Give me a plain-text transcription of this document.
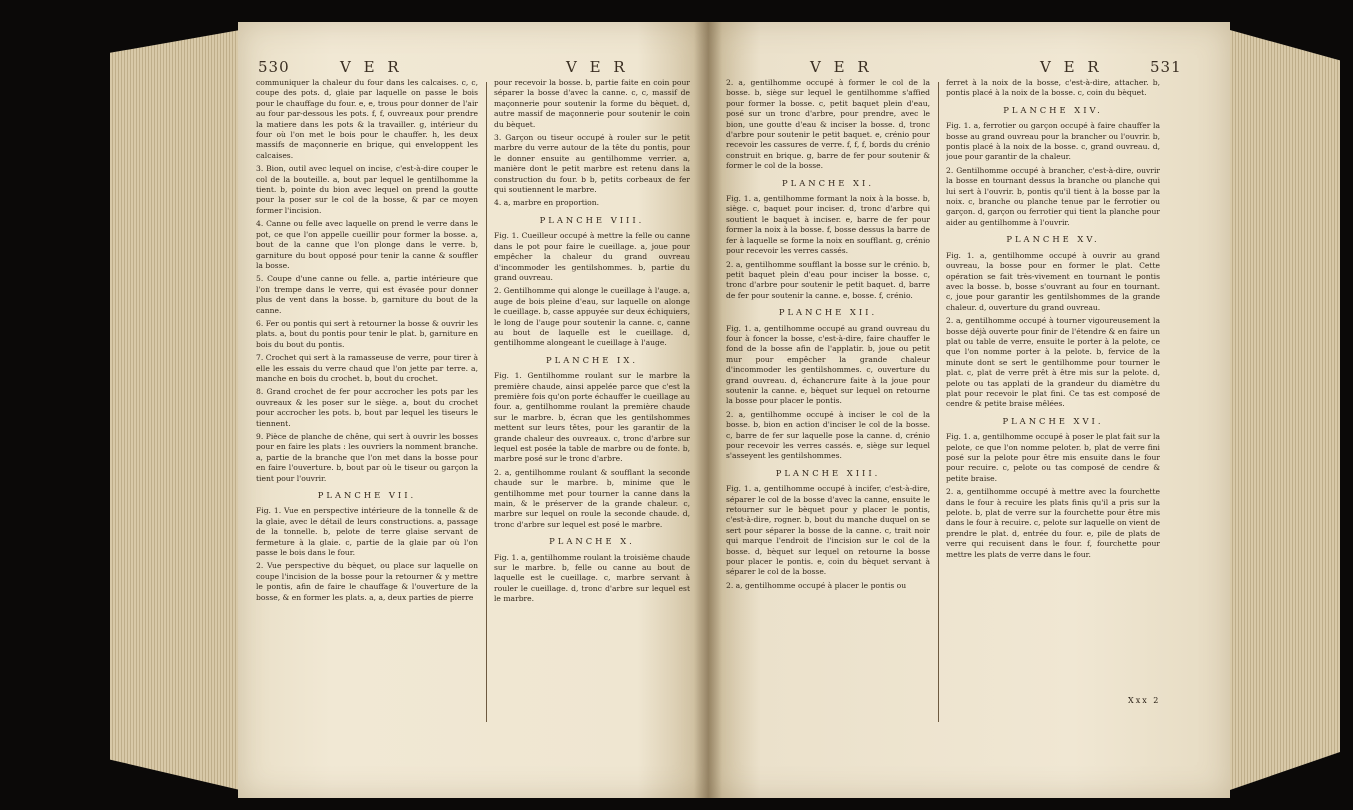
530	V E R	V E R	V E R	V E R	531

communiquer la chaleur du four dans les calcaises. c, c, coupe des pots. d, glaie par laquelle on passe le bois pour le chauffage du four. e, e, trous pour donner de l'air au four par-dessous les pots. f, f, ouvreaux pour prendre la matiere dans les pots & la travailler. g, intérieur du four où l'on met le bois pour le chauffer. h, les deux massifs de maçonnerie en brique, qui enveloppent les calcaises.

3. Bion, outil avec lequel on incise, c'est-à-dire couper le col de la bouteille. a, bout par lequel le gentilhomme la tient. b, pointe du bion avec lequel on prend la goutte pour la poser sur le col de la bosse, & par ce moyen former l'incision.

4. Canne ou felle avec laquelle on prend le verre dans le pot, ce que l'on appelle cueillir pour former la bosse. a, bout de la canne que l'on plonge dans le verre. b, garniture du bout opposé pour tenir la canne & souffler la bosse.

5. Coupe d'une canne ou felle. a, partie intérieure que l'on trempe dans le verre, qui est évasée pour donner plus de vent dans la bosse. b, garniture du bout de la canne.

6. Fer ou pontis qui sert à retourner la bosse & ouvrir les plats. a, bout du pontis pour tenir le plat. b, garniture en bois du bout du pontis.

7. Crochet qui sert à la ramasseuse de verre, pour tirer à elle les essais du verre chaud que l'on jette par terre. a, manche en bois du crochet. b, bout du crochet.

8. Grand crochet de fer pour accrocher les pots par les ouvreaux & les poser sur le siège. a, bout du crochet pour accrocher les pots. b, bout par lequel les tiseurs le tiennent.

9. Pièce de planche de chêne, qui sert à ouvrir les bosses pour en faire les plats : les ouvriers la nomment branche. a, partie de la branche que l'on met dans la bosse pour en faire l'ouverture. b, bout par où le tiseur ou garçon la tient pour l'ouvrir.

PLANCHE VII.

Fig. 1. Vue en perspective intérieure de la tonnelle & de la glaie, avec le détail de leurs constructions. a, passage de la tonnelle. b, pelote de terre glaise servant de fermeture à la glaie. c, partie de la glaie par où l'on passe le bois dans le four.

2. Vue perspective du bèquet, ou place sur laquelle on coupe l'incision de la bosse pour la retourner & y mettre le pontis, afin de faire le chauffage & l'ouverture de la bosse, & en former les plats. a, a, deux parties de pierre

pour recevoir la bosse. b, partie faite en coin pour séparer la bosse d'avec la canne. c, c, massif de maçonnerie pour soutenir la forme du bèquet. d, autre massif de maçonnerie pour soutenir le coin du bèquet.

3. Garçon ou tiseur occupé à rouler sur le petit marbre du verre autour de la tête du pontis, pour le donner ensuite au gentilhomme verrier. a, manière dont le petit marbre est retenu dans la construction du four. b b, petits corbeaux de fer qui soutiennent le marbre.

4. a, marbre en proportion.

PLANCHE VIII.

Fig. 1. Cueilleur occupé à mettre la felle ou canne dans le pot pour faire le cueillage. a, joue pour empêcher la chaleur du grand ouvreau d'incommoder les gentilshommes. b, partie du grand ouvreau.

2. Gentilhomme qui alonge le cueillage à l'auge. a, auge de bois pleine d'eau, sur laquelle on alonge le cueillage. b, casse appuyée sur deux échiquiers, le long de l'auge pour soutenir la canne. c, canne au bout de laquelle est le cueillage. d, gentilhomme alongeant le cueillage à l'auge.

PLANCHE IX.

Fig. 1. Gentilhomme roulant sur le marbre la première chaude, ainsi appelée parce que c'est la première fois qu'on porte échauffer le cueillage au four. a, gentilhomme roulant la première chaude sur le marbre. b, écran que les gentilshommes mettent sur leurs têtes, pour les garantir de la grande chaleur des ouvreaux. c, tronc d'arbre sur lequel est posée la table de marbre ou de fonte. b, marbre posé sur le tronc d'arbre.

2. a, gentilhomme roulant & soufflant la seconde chaude sur le marbre. b, minime que le gentilhomme met pour tourner la canne dans la main, & le préserver de la grande chaleur. c, marbre sur lequel on roule la seconde chaude. d, tronc d'arbre sur lequel est posé le marbre.

PLANCHE X.

Fig. 1. a, gentilhomme roulant la troisième chaude sur le marbre. b, felle ou canne au bout de laquelle est le cueillage. c, marbre servant à rouler le cueillage. d, tronc d'arbre sur lequel est le marbre.

2. a, gentilhomme occupé à former le col de la bosse. b, siège sur lequel le gentilhomme s'affied pour former la bosse. c, petit baquet plein d'eau, posé sur un tronc d'arbre, pour prendre, avec le bion, une goutte d'eau & inciser la bosse. d, tronc d'arbre pour soutenir le petit baquet. e, crénio pour recevoir les cassures de verre. f, f, f, bords du crénio construit en brique. g, barre de fer pour soutenir & former le col de la bosse.

PLANCHE XI.

Fig. 1. a, gentilhomme formant la noix à la bosse. b, siège. c, baquet pour inciser. d, tronc d'arbre qui soutient le baquet à inciser. e, barre de fer pour former la noix à la bosse. f, bosse dessus la barre de fer à laquelle se forme la noix en soufflant. g, crénio pour recevoir les verres cassés.

2. a, gentilhomme soufflant la bosse sur le crénio. b, petit baquet plein d'eau pour inciser la bosse. c, tronc d'arbre pour soutenir le petit baquet. d, barre de fer pour soutenir la canne. e, bosse. f, crénio.

PLANCHE XII.

Fig. 1. a, gentilhomme occupé au grand ouvreau du four à foncer la bosse, c'est-à-dire, faire chauffer le fond de la bosse afin de l'applatir. b, joue ou petit mur pour empêcher la grande chaleur d'incommoder les gentilshommes. c, ouverture du grand ouvreau. d, échancrure faite à la joue pour soutenir la canne. e, bèquet sur lequel on retourne la bosse pour placer le pontis.

2. a, gentilhomme occupé à inciser le col de la bosse. b, bion en action d'inciser le col de la bosse. c, barre de fer sur laquelle pose la canne. d, crénio pour recevoir les verres cassés. e, siège sur lequel s'asseyent les gentilshommes.

PLANCHE XIII.

Fig. 1. a, gentilhomme occupé à incifer, c'est-à-dire, séparer le col de la bosse d'avec la canne, ensuite le retourner sur le bèquet pour y placer le pontis, c'est-à-dire, rogner. b, bout du manche duquel on se sert pour séparer la bosse de la canne. c, trait noir qui marque l'endroit de l'incision sur le col de la bosse. d, bèquet sur lequel on retourne la bosse pour placer le pontis. e, coin du bèquet servant à séparer le col de la bosse.

2. a, gentilhomme occupé à placer le pontis ou

ferret à la noix de la bosse, c'est-à-dire, attacher. b, pontis placé à la noix de la bosse. c, coin du bèquet.

PLANCHE XIV.

Fig. 1. a, ferrotier ou garçon occupé à faire chauffer la bosse au grand ouvreau pour la brancher ou l'ouvrir. b, pontis placé à la noix de la bosse. c, grand ouvreau. d, joue pour garantir de la chaleur.

2. Gentilhomme occupé à brancher, c'est-à-dire, ouvrir la bosse en tournant dessus la branche ou planche qui lui sert à l'ouvrir. b, pontis qu'il tient à la bosse par la noix. c, branche ou planche tenue par le ferrotier ou garçon. d, garçon ou ferrotier qui tient la planche pour aider au gentilhomme à l'ouvrir.

PLANCHE XV.

Fig. 1. a, gentilhomme occupé à ouvrir au grand ouvreau, la bosse pour en former le plat. Cette opération se fait très-vivement en tournant le pontis avec la bosse. b, bosse s'ouvrant au four en tournant. c, joue pour garantir les gentilshommes de la grande chaleur. d, ouverture du grand ouvreau.

2. a, gentilhomme occupé à tourner vigoureusement la bosse déjà ouverte pour finir de l'étendre & en faire un plat ou table de verre, ensuite le porter à la pelote, ce que l'on nomme porter à la pelote. b, fervice de la minute dont se sert le gentilhomme pour tourner le plat. c, plat de verre prêt à être mis sur la pelote. d, pelote ou tas applati de la grandeur du diamètre du plat pour recevoir le plat fini. Ce tas est composé de cendre & petite braise mêlées.

PLANCHE XVI.

Fig. 1. a, gentilhomme occupé à poser le plat fait sur la pelote, ce que l'on nomme peloter. b, plat de verre fini posé sur la pelote pour être mis ensuite dans le four pour recuire. c, pelote ou tas composé de cendre & petite braise.

2. a, gentilhomme occupé à mettre avec la fourchette dans le four à recuire les plats finis qu'il a pris sur la pelote. b, plat de verre sur la fourchette pour être mis dans le four à recuire. c, pelote sur laquelle on vient de prendre le plat. d, entrée du four. e, pile de plats de verre qui recuisent dans le four. f, fourchette pour mettre les plats de verre dans le four.

Xxx 2
